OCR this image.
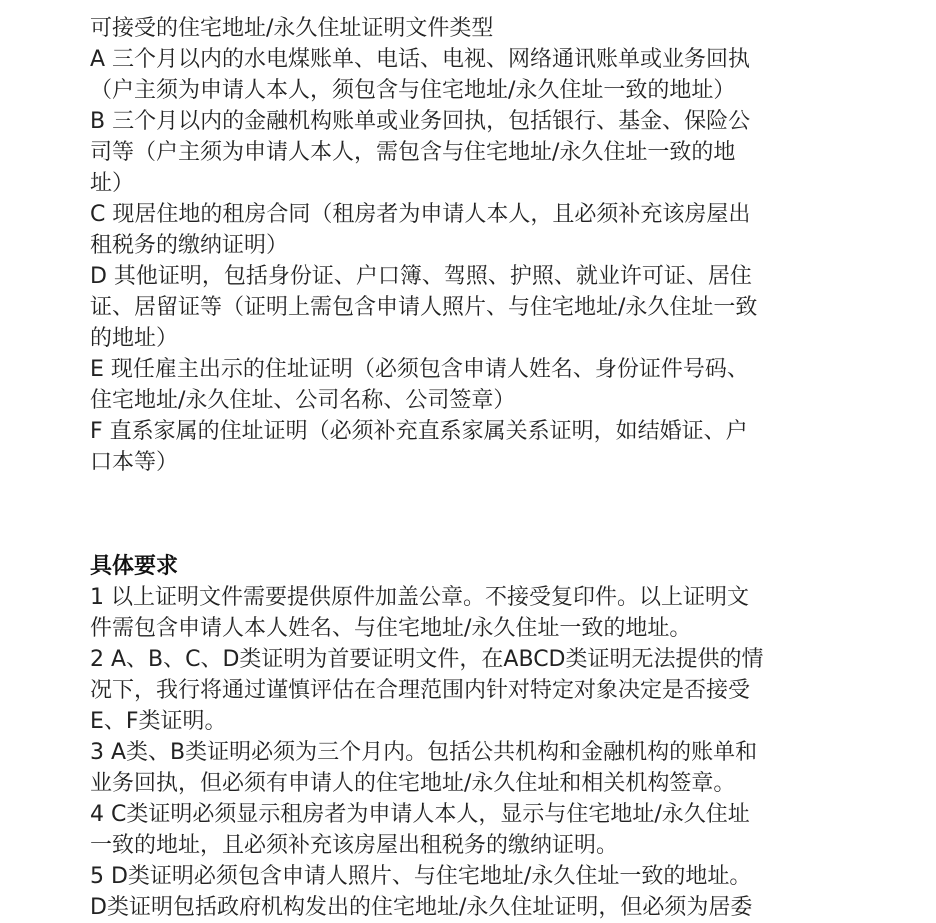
可接受的住宅地址/永久住址证明文件类型
A 三个月以内的水电煤账单、电话、电视、网络通讯账单或业务回执
（户主须为申请人本人，须包含与住宅地址/永久住址一致的地址）
B 三个月以内的金融机构账单或业务回执，包括银行、基金、保险公
司等（户主须为申请人本人，需包含与住宅地址/永久住址一致的地
址）
C 现居住地的租房合同（租房者为申请人本人，且必须补充该房屋出
租税务的缴纳证明）
D 其他证明，包括身份证、户口簿、驾照、护照、就业许可证、居住
证、居留证等（证明上需包含申请人照片、与住宅地址/永久住址一致
的地址）
E 现任雇主出示的住址证明（必须包含申请人姓名、身份证件号码、
住宅地址/永久住址、公司名称、公司签章）
F 直系家属的住址证明（必须补充直系家属关系证明，如结婚证、户
口本等）
具体要求
1 以上证明文件需要提供原件加盖公章。不接受复印件。以上证明文
件需包含申请人本人姓名、与住宅地址/永久住址一致的地址。
2 A、B、C、D类证明为首要证明文件，在ABCD类证明无法提供的情
况下，我行将通过谨慎评估在合理范围内针对特定对象决定是否接受
E、F类证明。
3 A类、B类证明必须为三个月内。包括公共机构和金融机构的账单和
业务回执，但必须有申请人的住宅地址/永久住址和相关机构签章。
4 C类证明必须显示租房者为申请人本人，显示与住宅地址/永久住址
一致的地址，且必须补充该房屋出租税务的缴纳证明。
5 D类证明必须包含申请人照片、与住宅地址/永久住址一致的地址。
D类证明包括政府机构发出的住宅地址/永久住址证明，但必须为居委
